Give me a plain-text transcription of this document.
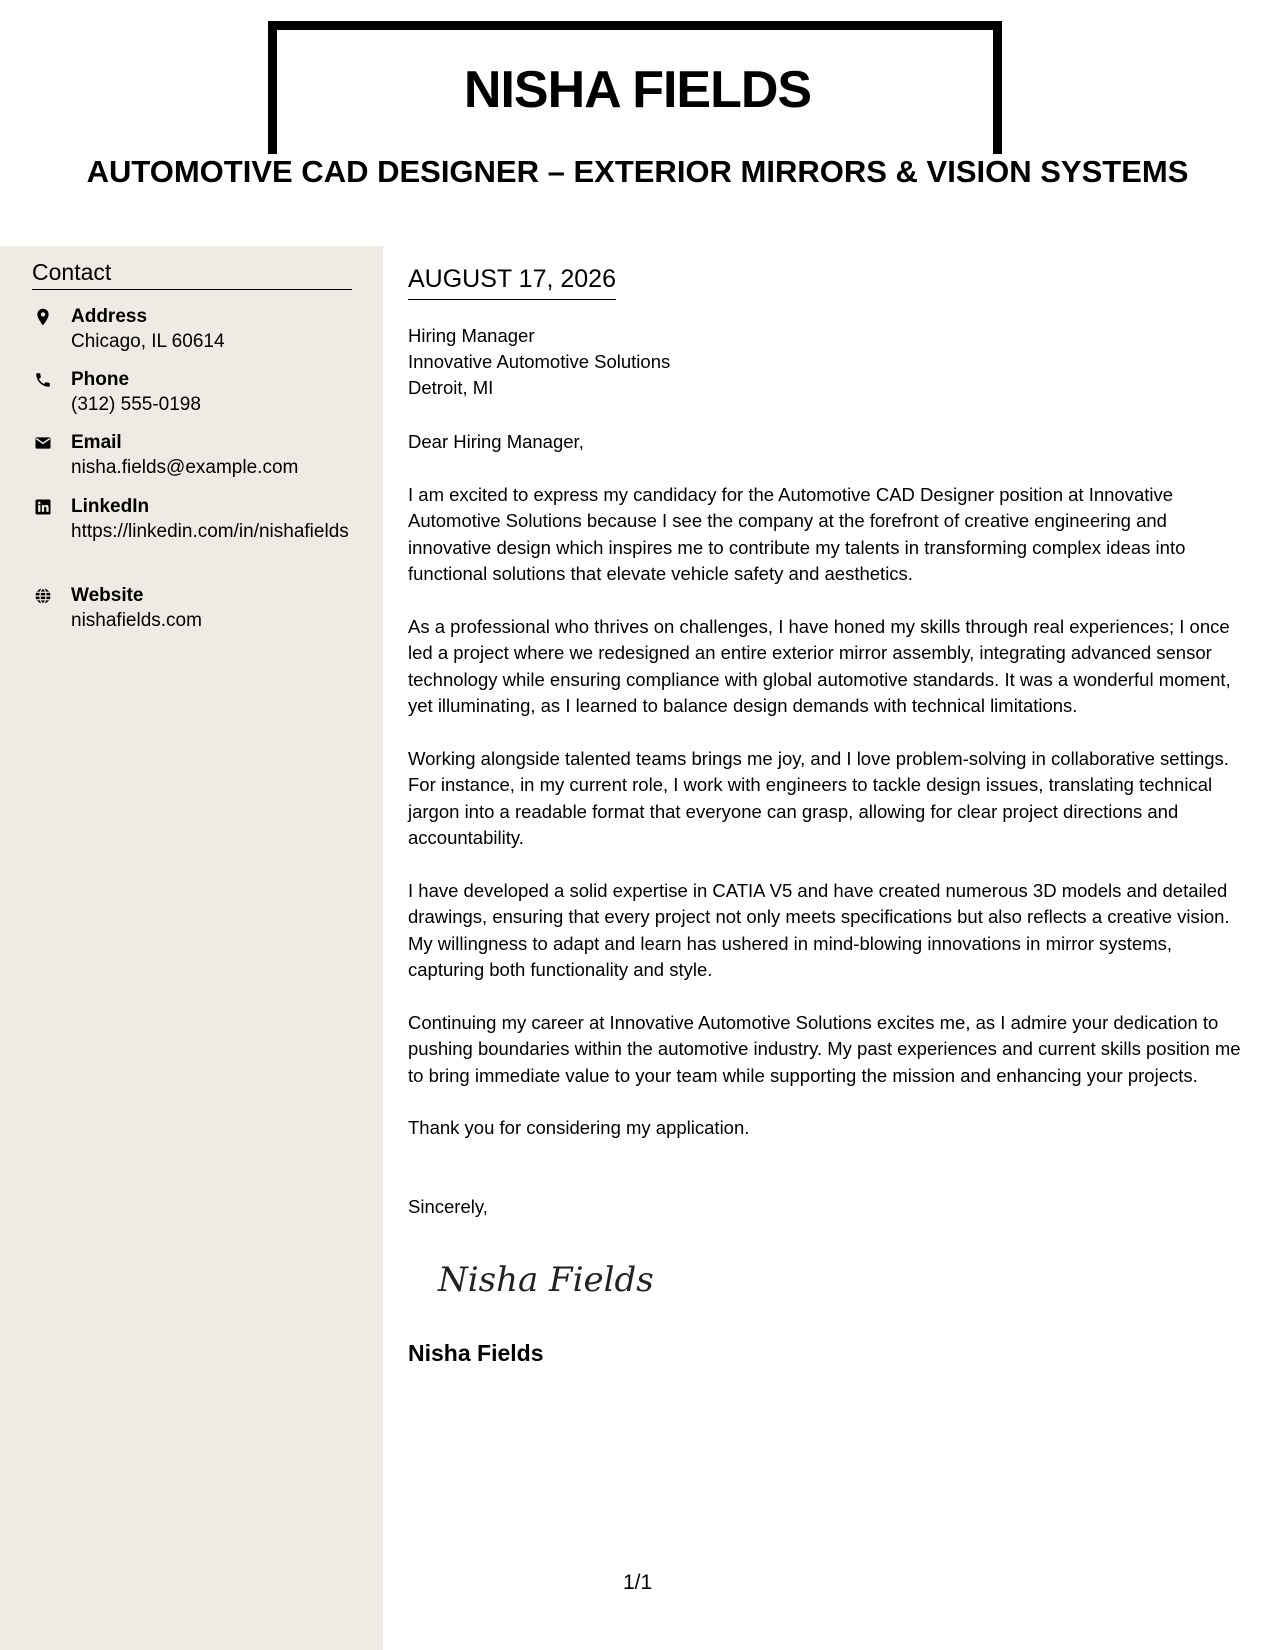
NISHA FIELDS
AUTOMOTIVE CAD DESIGNER – EXTERIOR MIRRORS & VISION SYSTEMS
Contact
Address
Chicago, IL 60614
Phone
(312) 555-0198
Email
nisha.fields@example.com
LinkedIn
https://linkedin.com/in/nishafields
Website
nishafields.com
AUGUST 17, 2026
Hiring Manager
Innovative Automotive Solutions
Detroit, MI

Dear Hiring Manager,

I am excited to express my candidacy for the Automotive CAD Designer position at Innovative Automotive Solutions because I see the company at the forefront of creative engineering and innovative design which inspires me to contribute my talents in transforming complex ideas into functional solutions that elevate vehicle safety and aesthetics.

As a professional who thrives on challenges, I have honed my skills through real experiences; I once led a project where we redesigned an entire exterior mirror assembly, integrating advanced sensor technology while ensuring compliance with global automotive standards. It was a wonderful moment, yet illuminating, as I learned to balance design demands with technical limitations.

Working alongside talented teams brings me joy, and I love problem-solving in collaborative settings. For instance, in my current role, I work with engineers to tackle design issues, translating technical jargon into a readable format that everyone can grasp, allowing for clear project directions and accountability.

I have developed a solid expertise in CATIA V5 and have created numerous 3D models and detailed drawings, ensuring that every project not only meets specifications but also reflects a creative vision. My willingness to adapt and learn has ushered in mind-blowing innovations in mirror systems, capturing both functionality and style.

Continuing my career at Innovative Automotive Solutions excites me, as I admire your dedication to pushing boundaries within the automotive industry. My past experiences and current skills position me to bring immediate value to your team while supporting the mission and enhancing your projects.

Thank you for considering my application.

Sincerely,
Nisha Fields
Nisha Fields
1/1
